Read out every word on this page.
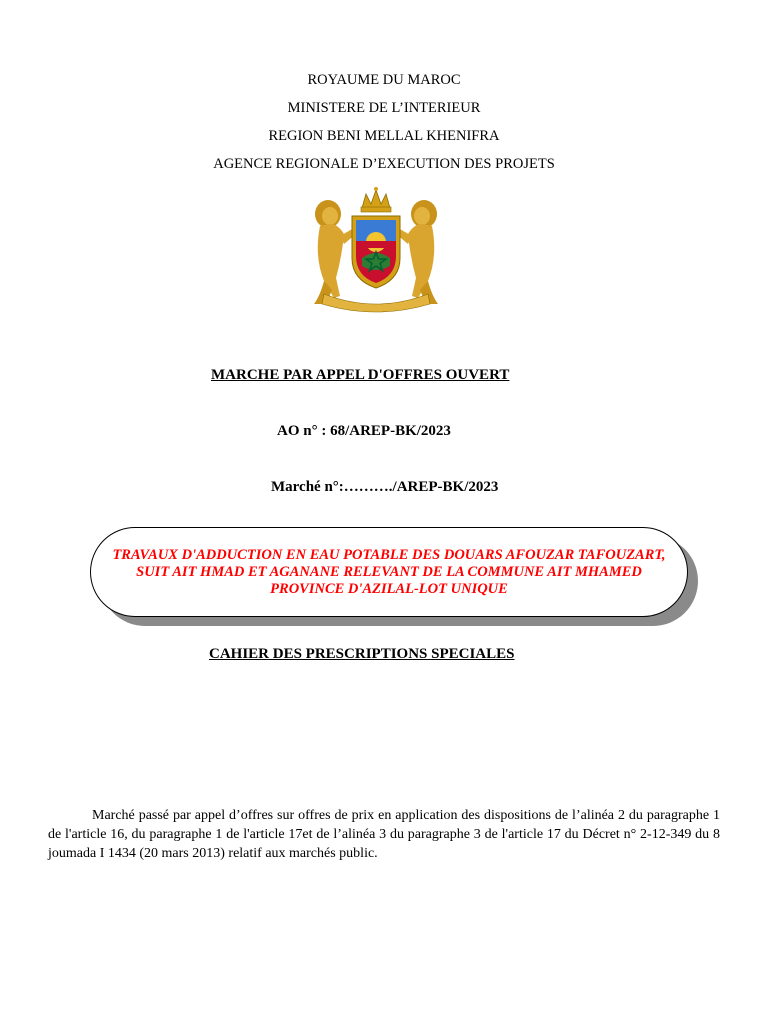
ROYAUME DU MAROC
MINISTERE DE L’INTERIEUR
REGION BENI MELLAL KHENIFRA
AGENCE REGIONALE D’EXECUTION DES PROJETS
MARCHE PAR APPEL D'OFFRES OUVERT
AO n° : 68/AREP-BK/2023
Marché n°:………./AREP-BK/2023
TRAVAUX D'ADDUCTION EN EAU POTABLE DES DOUARS AFOUZAR TAFOUZART, SUIT AIT HMAD ET AGANANE RELEVANT DE LA COMMUNE AIT MHAMED PROVINCE D'AZILAL-LOT UNIQUE
CAHIER DES PRESCRIPTIONS SPECIALES
Marché passé par appel d’offres sur offres de prix en application des dispositions de l’alinéa 2 du paragraphe 1 de l'article 16, du paragraphe 1 de l'article 17et de l’alinéa 3 du paragraphe 3 de l'article 17 du Décret n° 2-12-349 du 8 joumada I 1434 (20 mars 2013) relatif aux marchés public.
